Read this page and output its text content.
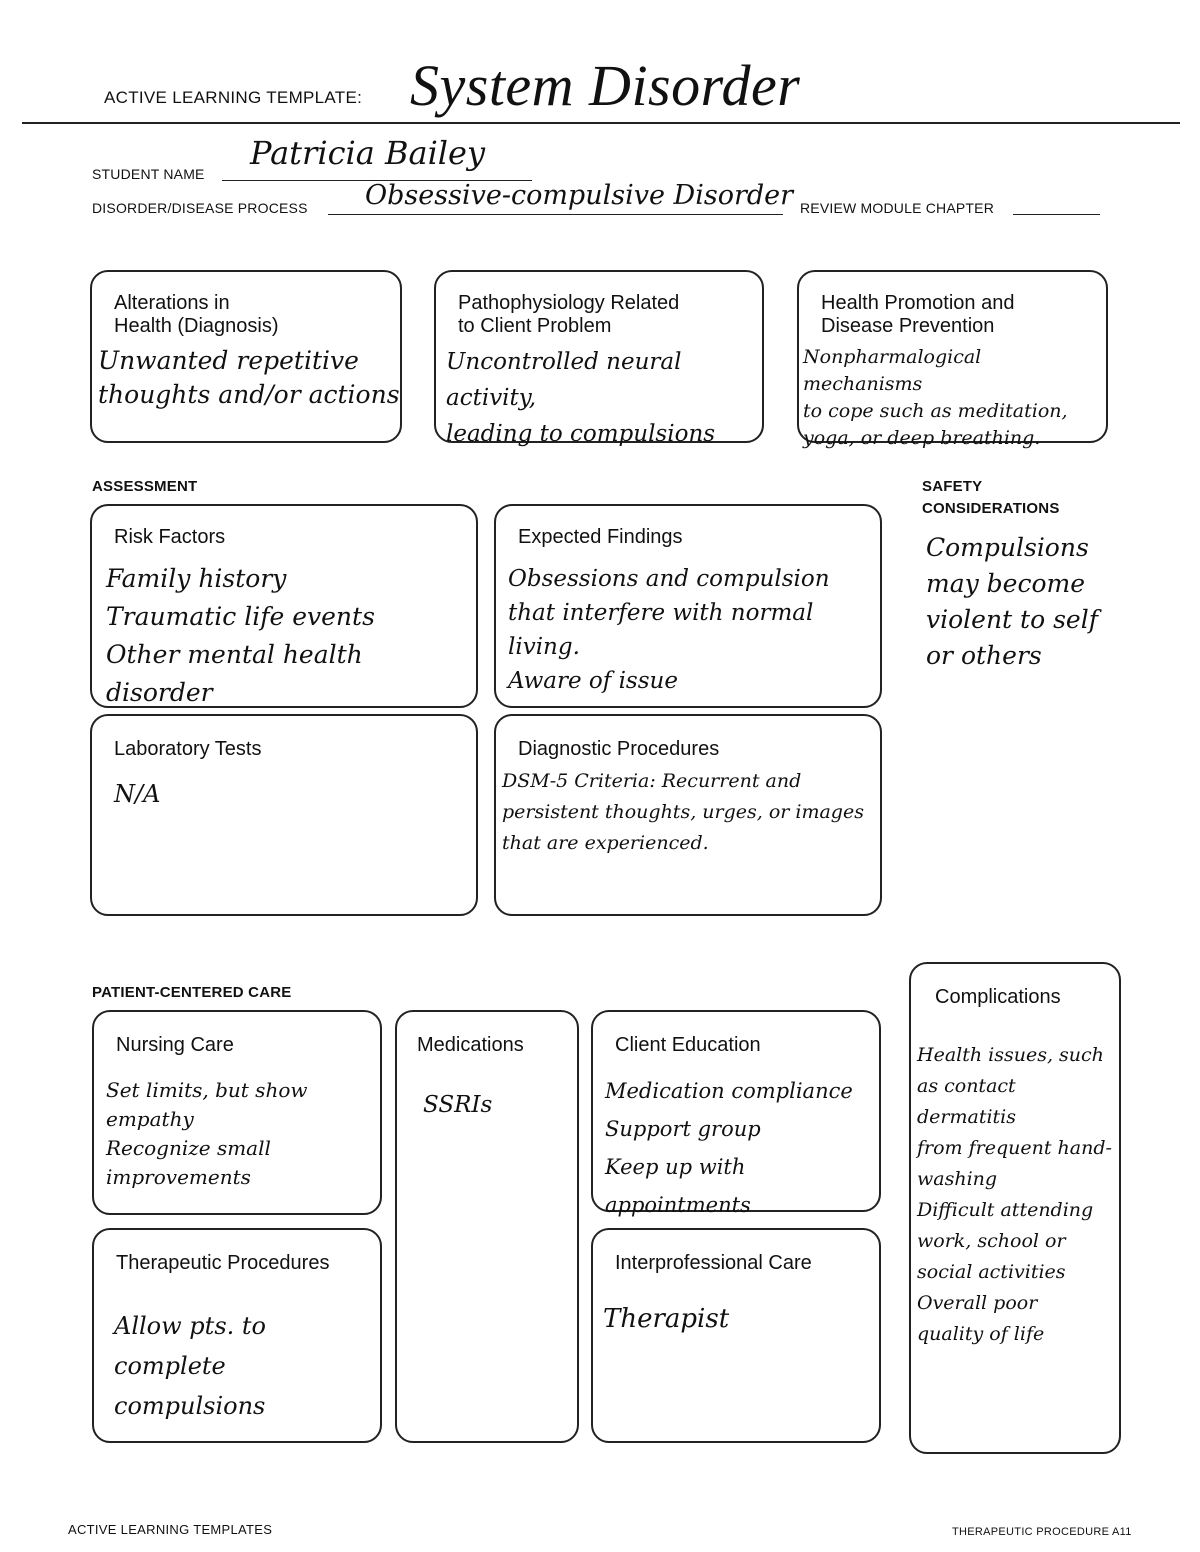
ACTIVE LEARNING TEMPLATE: System Disorder
STUDENT NAME
Patricia Bailey
DISORDER/DISEASE PROCESS Obsessive-compulsive Disorder REVIEW MODULE CHAPTER
Alterations in
Health (Diagnosis)
Unwanted repetitive
thoughts and/or actions
Pathophysiology Related
to Client Problem
Uncontrolled neural activity,
leading to compulsions
Health Promotion and
Disease Prevention
Nonpharmalogical mechanisms
to cope such as meditation,
yoga, or deep breathing.
ASSESSMENT	SAFETY
CONSIDERATIONS
Compulsions
may become
violent to self
or others
Risk Factors
Family history
Traumatic life events
Other mental health disorder
Expected Findings
Obsessions and compulsion
that interfere with normal
living.
Aware of issue
Laboratory Tests
N/A
Diagnostic Procedures
DSM-5 Criteria: Recurrent and
persistent thoughts, urges, or images
that are experienced.
PATIENT-CENTERED CARE
Nursing Care
Set limits, but show
empathy
Recognize small improvements
Medications
SSRIs
Client Education
Medication compliance
Support group
Keep up with appointments
Complications
Health issues, such
as contact dermatitis
from frequent hand-
washing
Difficult attending
work, school or
social activities
Overall poor
quality of life
Therapeutic Procedures
Allow pts. to complete
compulsions
Interprofessional Care
Therapist
ACTIVE LEARNING TEMPLATES	THERAPEUTIC PROCEDURE A11
